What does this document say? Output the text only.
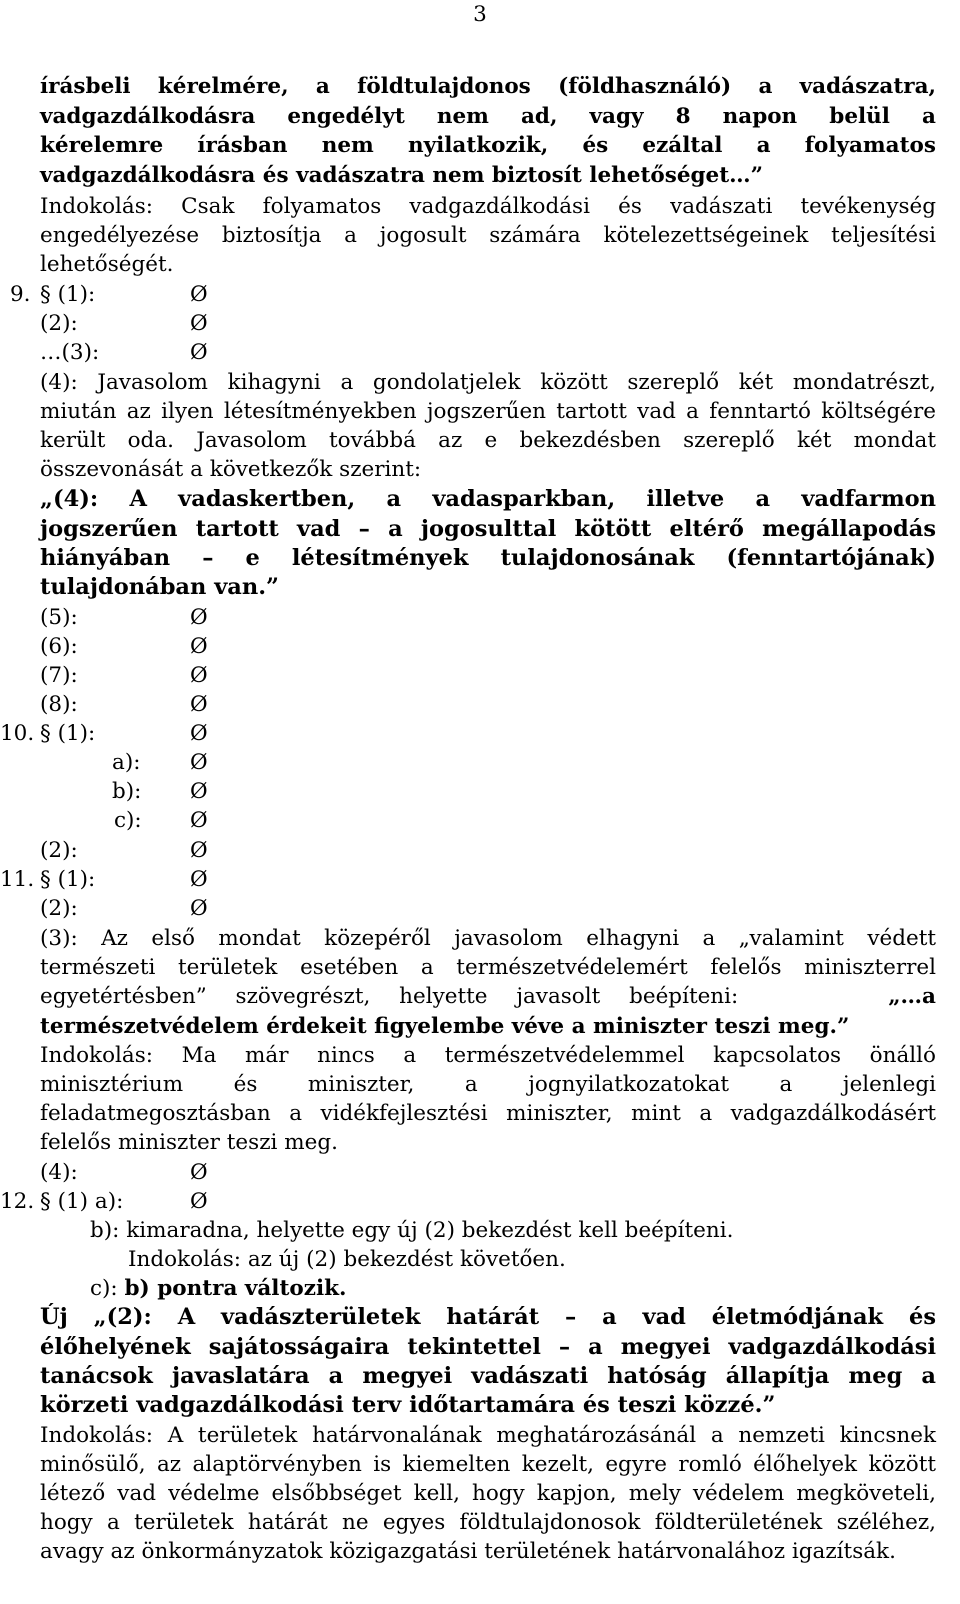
3
írásbeli kérelmére, a földtulajdonos (földhasználó) a vadászatra,
vadgazdálkodásra engedélyt nem ad, vagy 8 napon belül a
kérelemre írásban nem nyilatkozik, és ezáltal a folyamatos
vadgazdálkodásra és vadászatra nem biztosít lehetőséget…”
Indokolás: Csak folyamatos vadgazdálkodási és vadászati tevékenység
engedélyezése biztosítja a jogosult számára kötelezettségeinek teljesítési
lehetőségét.
9. § (1):	Ø
(2):	Ø
…(3):	Ø
(4): Javasolom kihagyni a gondolatjelek között szereplő két mondatrészt,
miután az ilyen létesítményekben jogszerűen tartott vad a fenntartó költségére
került oda. Javasolom továbbá az e bekezdésben szereplő két mondat
összevonását a következők szerint:
„(4): A vadaskertben, a vadasparkban, illetve a vadfarmon
jogszerűen tartott vad – a jogosulttal kötött eltérő megállapodás
hiányában – e létesítmények tulajdonosának (fenntartójának)
tulajdonában van.”
(5):	Ø
(6):	Ø
(7):	Ø
(8):	Ø
10. § (1):	Ø
a): Ø
b): Ø
c): Ø
(2):	Ø
11. § (1):	Ø
(2):	Ø
(3): Az első mondat közepéről javasolom elhagyni a „valamint védett
természeti területek esetében a természetvédelemért felelős miniszterrel
egyetértésben” szövegrészt, helyette javasolt beépíteni:	„…a
természetvédelem érdekeit figyelembe véve a miniszter teszi meg.”
Indokolás: Ma már nincs a természetvédelemmel kapcsolatos önálló
minisztérium és miniszter, a jognyilatkozatokat a jelenlegi
feladatmegosztásban a vidékfejlesztési miniszter, mint a vadgazdálkodásért
felelős miniszter teszi meg.
(4):	Ø
12. § (1) a):	Ø
b): kimaradna, helyette egy új (2) bekezdést kell beépíteni.
Indokolás: az új (2) bekezdést követően.
c): b) pontra változik.
Új „(2): A vadászterületek határát – a vad életmódjának és
élőhelyének sajátosságaira tekintettel – a megyei vadgazdálkodási
tanácsok javaslatára a megyei vadászati hatóság állapítja meg a
körzeti vadgazdálkodási terv időtartamára és teszi közzé.”
Indokolás: A területek határvonalának meghatározásánál a nemzeti kincsnek
minősülő, az alaptörvényben is kiemelten kezelt, egyre romló élőhelyek között
létező vad védelme elsőbbséget kell, hogy kapjon, mely védelem megköveteli,
hogy a területek határát ne egyes földtulajdonosok földterületének széléhez,
avagy az önkormányzatok közigazgatási területének határvonalához igazítsák.
